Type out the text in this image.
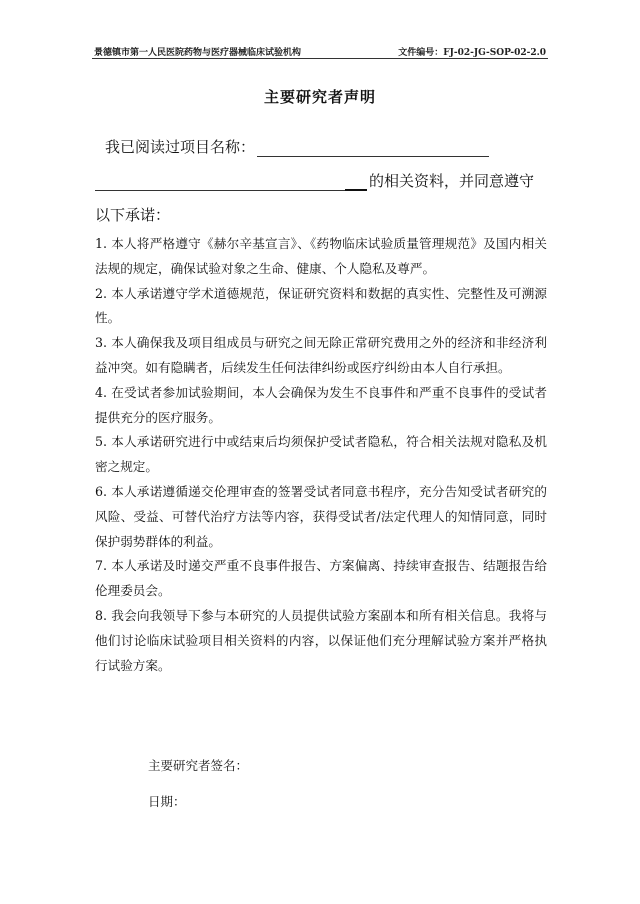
景德镇市第一人民医院药物与医疗器械临床试验机构	文件编号：FJ-02-JG-SOP-02-2.0
主要研究者声明
我已阅读过项目名称：
的相关资料，并同意遵守
以下承诺：

1. 本人将严格遵守《赫尔辛基宣言》、《药物临床试验质量管理规范》及国内相关法规的规定，确保试验对象之生命、健康、个人隐私及尊严。

2. 本人承诺遵守学术道德规范，保证研究资料和数据的真实性、完整性及可溯源性。

3. 本人确保我及项目组成员与研究之间无除正常研究费用之外的经济和非经济利益冲突。如有隐瞒者，后续发生任何法律纠纷或医疗纠纷由本人自行承担。

4. 在受试者参加试验期间，本人会确保为发生不良事件和严重不良事件的受试者提供充分的医疗服务。

5. 本人承诺研究进行中或结束后均须保护受试者隐私，符合相关法规对隐私及机密之规定。

6. 本人承诺遵循递交伦理审查的签署受试者同意书程序，充分告知受试者研究的风险、受益、可替代治疗方法等内容，获得受试者/法定代理人的知情同意，同时保护弱势群体的利益。

7. 本人承诺及时递交严重不良事件报告、方案偏离、持续审查报告、结题报告给伦理委员会。

8. 我会向我领导下参与本研究的人员提供试验方案副本和所有相关信息。我将与他们讨论临床试验项目相关资料的内容，以保证他们充分理解试验方案并严格执行试验方案。

主要研究者签名：
日期：
